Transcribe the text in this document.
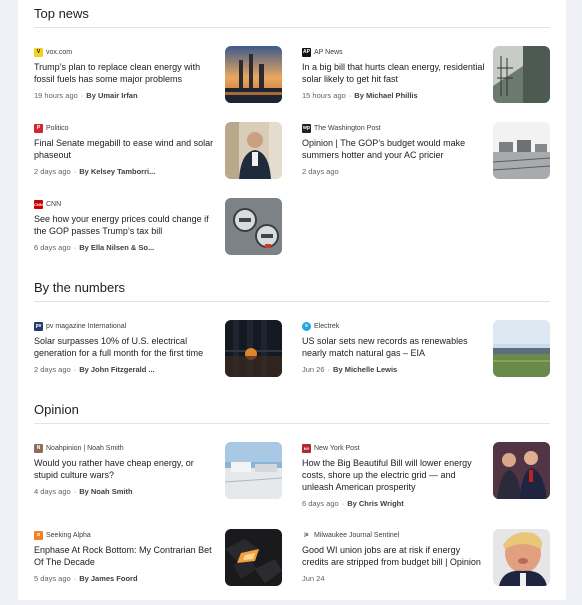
Top news
V vox.com
Trump’s plan to replace clean energy with fossil fuels has some major problems
19 hours ago · By Umair Irfan
AP AP News
In a big bill that hurts clean energy, residential solar likely to get hit fast
15 hours ago · By Michael Phillis
P Politico
Final Senate megabill to ease wind and solar phaseout
2 days ago · By Kelsey Tamborri...
wp The Washington Post
Opinion | The GOP’s budget would make summers hotter and your AC pricier
2 days ago
CNN CNN
See how your energy prices could change if the GOP passes Trump’s tax bill
6 days ago · By Ella Nilsen & So...
By the numbers
pv pv magazine International
Solar surpasses 10% of U.S. electrical generation for a full month for the first time
2 days ago · By John Fitzgerald ...
e Electrek
US solar sets new records as renewables nearly match natural gas – EIA
Jun 26 · By Michelle Lewis
Opinion
N Noahpinion | Noah Smith
Would you rather have cheap energy, or stupid culture wars?
4 days ago · By Noah Smith
NY New York Post
How the Big Beautiful Bill will lower energy costs, shore up the electric grid — and unleash American prosperity
6 days ago · By Chris Wright
α Seeking Alpha
Enphase At Rock Bottom: My Contrarian Bet Of The Decade
5 days ago · By James Foord
js Milwaukee Journal Sentinel
Good WI union jobs are at risk if energy credits are stripped from budget bill | Opinion
Jun 24
